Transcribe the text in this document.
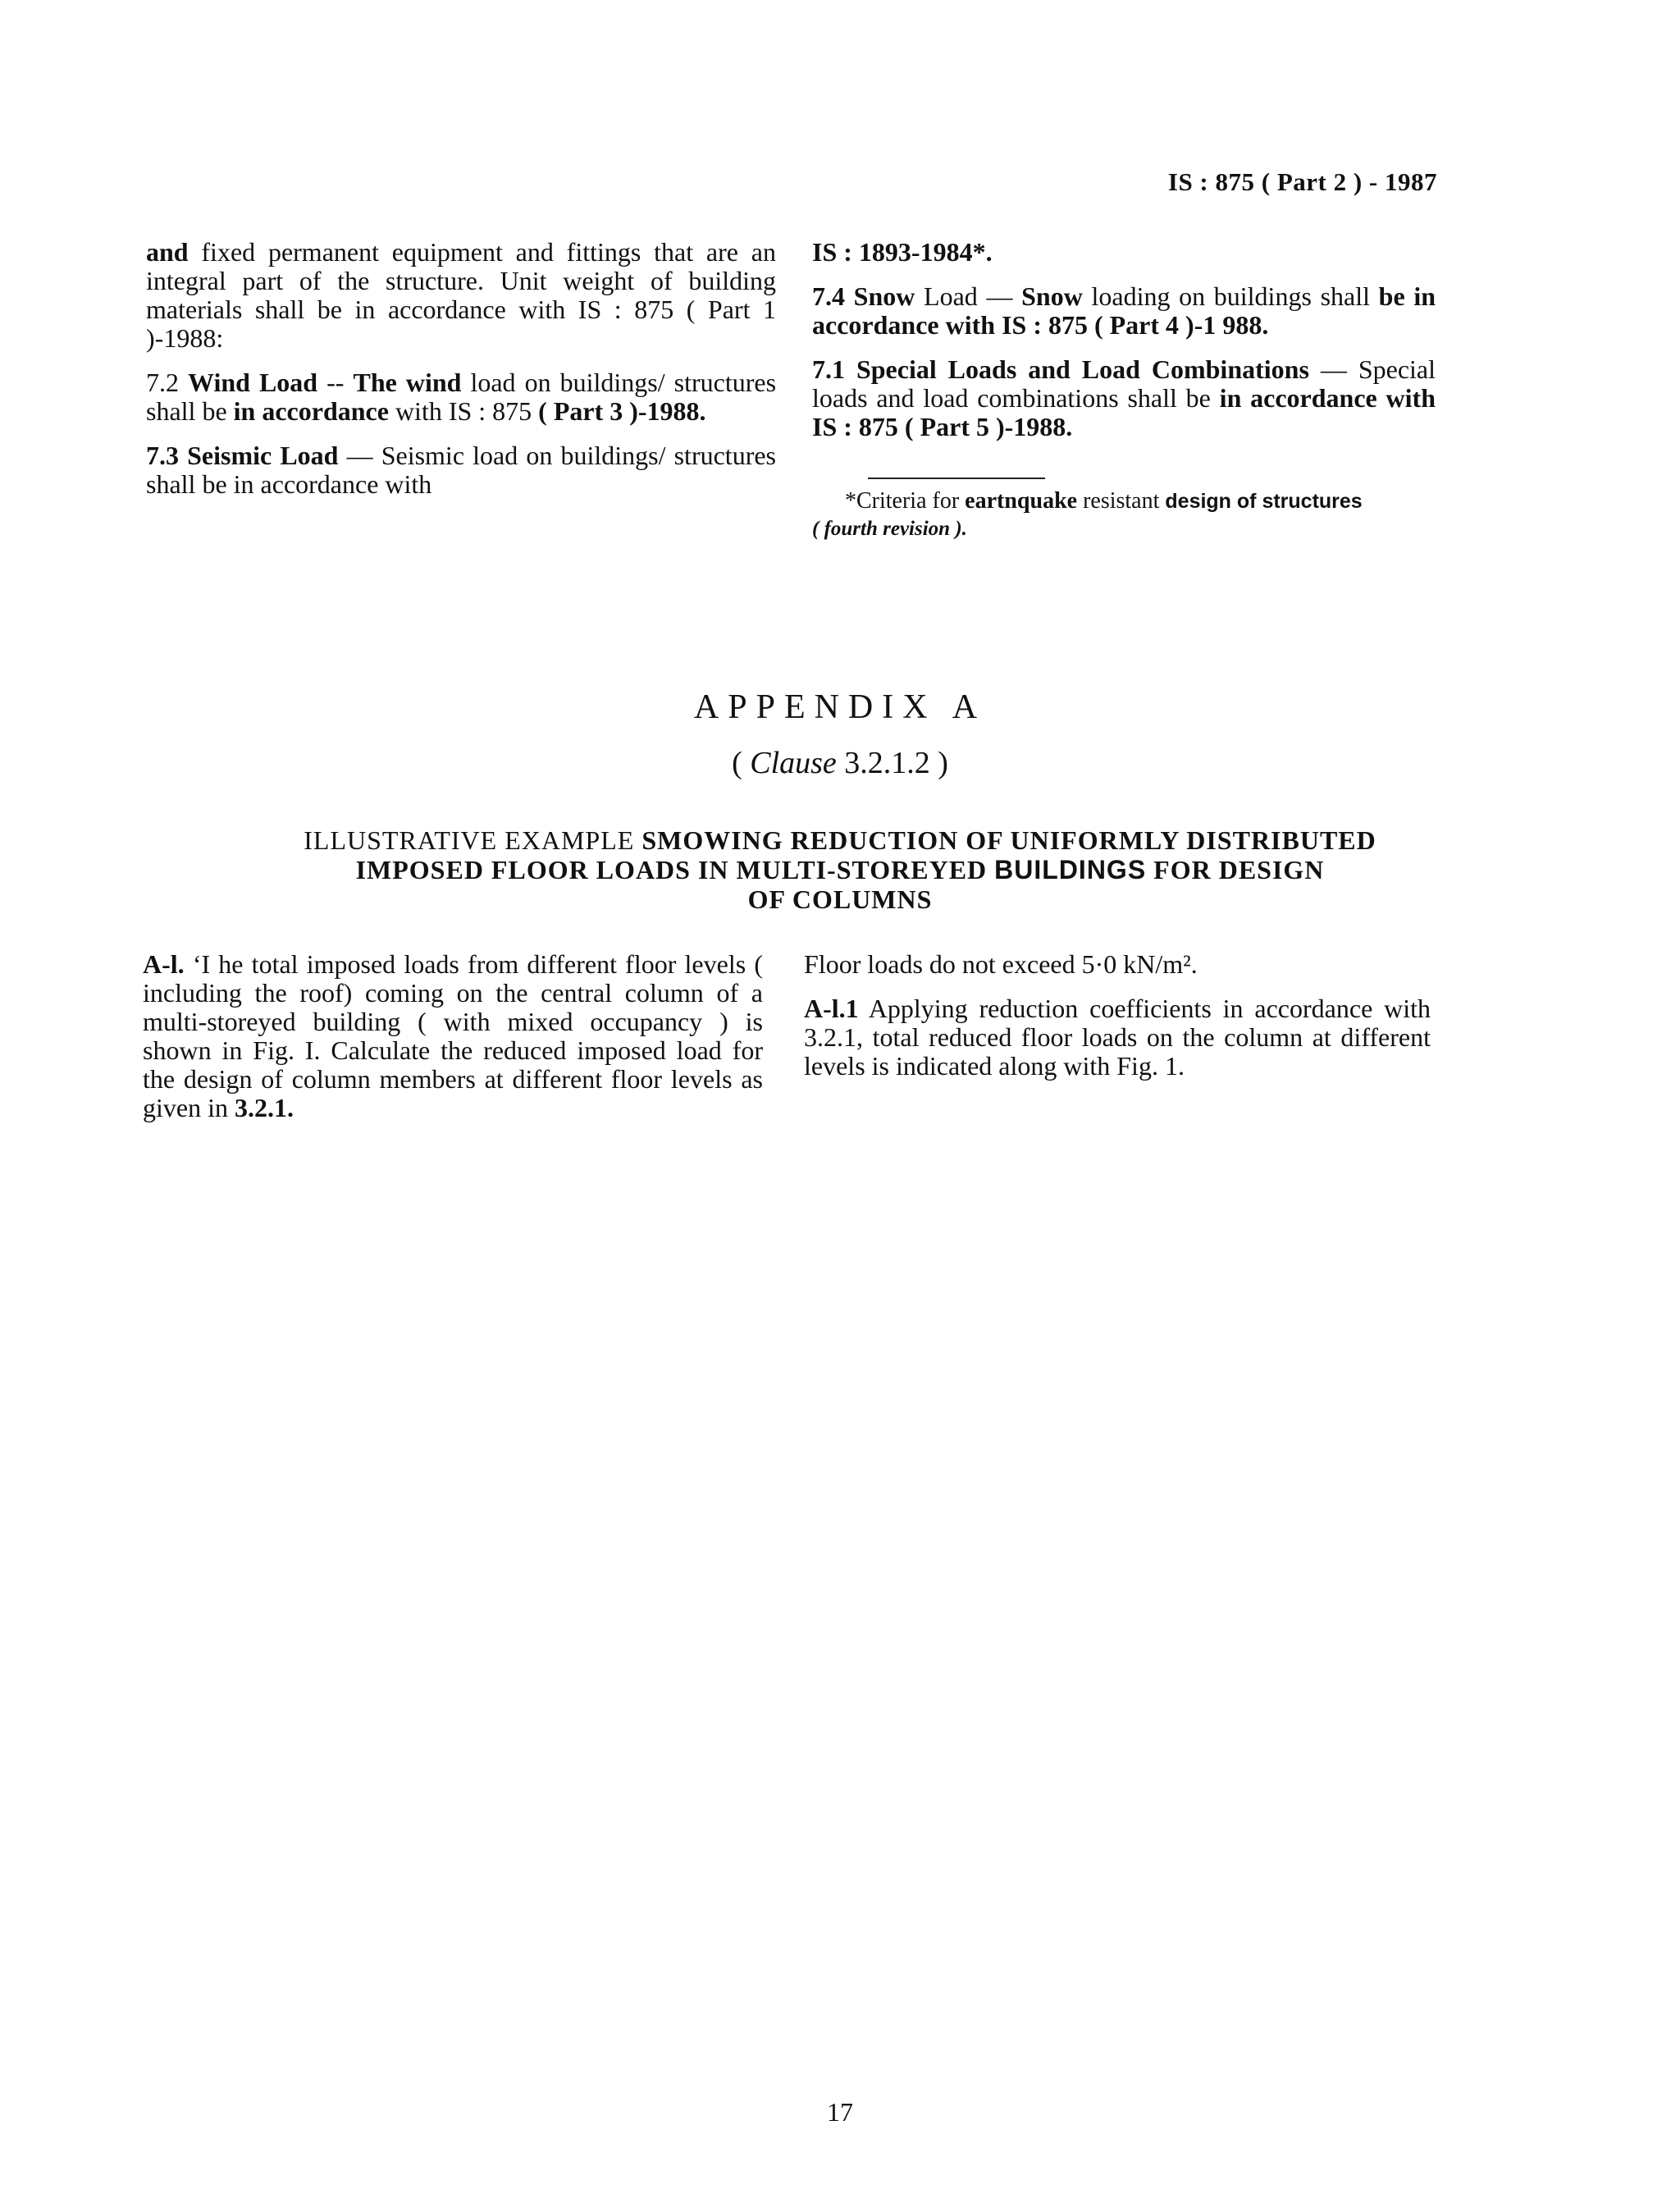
IS : 875 ( Part 2 ) - 1987

and fixed permanent equipment and fittings that are an integral part of the structure. Unit weight of building materials shall be in accordance with IS : 875 ( Part 1 )-1988:

7.2 Wind Load -- The wind load on buildings/ structures shall be in accordance with IS : 875 ( Part 3 )-1988.

7.3 Seismic Load — Seismic load on buildings/ structures shall be in accordance with

IS : 1893-1984*.

7.4 Snow Load — Snow loading on buildings shall be in accordance with IS : 875 ( Part 4 )-1 988.

7.1 Special Loads and Load Combinations — Special loads and load combinations shall be in accordance with IS : 875 ( Part 5 )-1988.

*Criteria for eartnquake resistant design of structures
( fourth revision ).
APPENDIX A
( Clause 3.2.1.2 )
ILLUSTRATIVE EXAMPLE SMOWING REDUCTION OF UNIFORMLY DISTRIBUTED
IMPOSED FLOOR LOADS IN MULTI-STOREYED BUILDINGS FOR DESIGN
OF COLUMNS

A-l. ‘I he total imposed loads from different floor levels ( including the roof) coming on the central column of a multi-storeyed building ( with mixed occupancy ) is shown in Fig. I. Calculate the reduced imposed load for the design of column members at different floor levels as given in 3.2.1.

Floor loads do not exceed 5·0 kN/m².

A-l.1 Applying reduction coefficients in accordance with 3.2.1, total reduced floor loads on the column at different levels is indicated along with Fig. 1.

17
